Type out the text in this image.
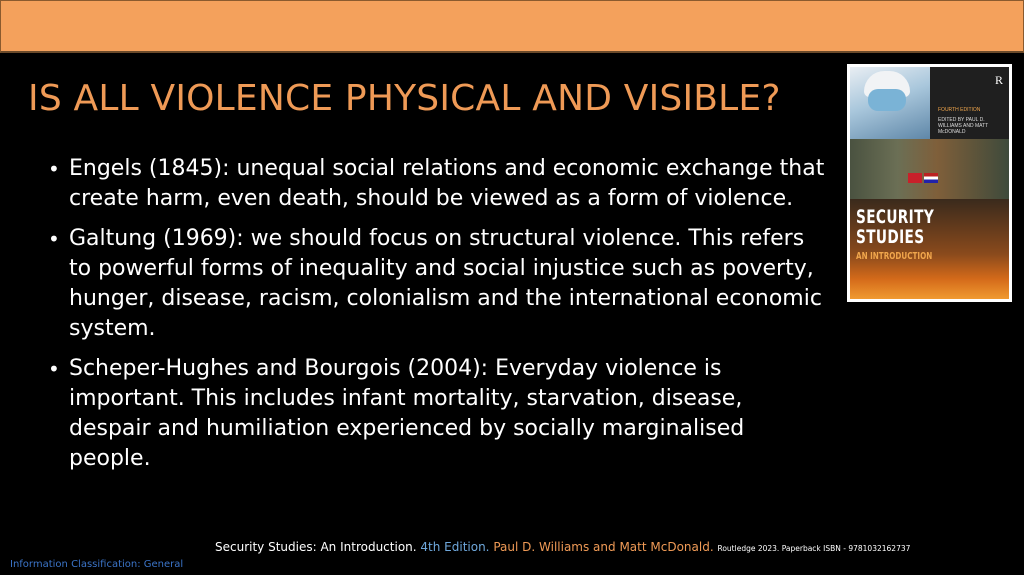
IS ALL VIOLENCE PHYSICAL AND VISIBLE?
• Engels (1845): unequal social relations and economic exchange that create harm, even death, should be viewed as a form of violence.
• Galtung (1969): we should focus on structural violence. This refers to powerful forms of inequality and social injustice such as poverty, hunger, disease, racism, colonialism and the international economic system.
• Scheper-Hughes and Bourgois (2004): Everyday violence is important. This includes infant mortality, starvation, disease, despair and humiliation experienced by socially marginalised people.
R
FOURTH EDITION
EDITED BY PAUL D. WILLIAMS AND MATT McDONALD
SECURITY
STUDIES
AN INTRODUCTION
Security Studies: An Introduction. 4th Edition. Paul D. Williams and Matt McDonald. Routledge 2023. Paperback ISBN - 9781032162737
Information Classification: General
